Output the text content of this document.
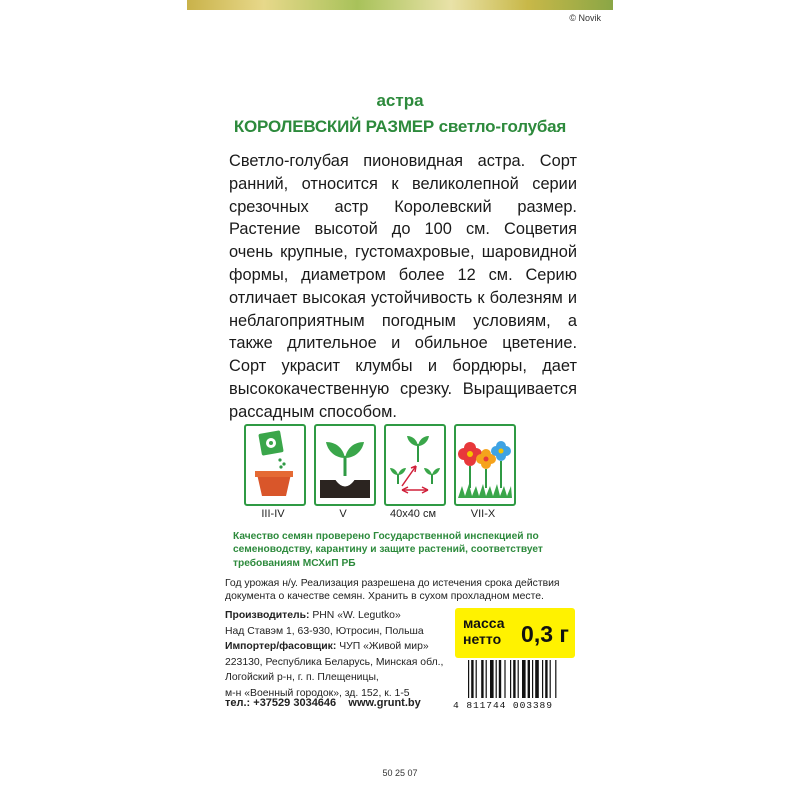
© Novik
астра
КОРОЛЕВСКИЙ РАЗМЕР светло-голубая
Светло-голубая пионовидная астра. Сорт ранний, относится к великолепной серии срезочных астр Королевский размер. Растение высотой до 100 см. Соцветия очень крупные, густомахровые, шаровидной формы, диаметром более 12 см. Серию отличает высокая устойчивость к болезням и неблагоприятным погодным условиям, а также длительное и обильное цветение. Сорт украсит клумбы и бордюры, дает высококачественную срезку. Выращивается рассадным способом.
III-IV	V	40x40 см	VII-X
Качество семян проверено Государственной инспекцией по семеноводству, карантину и защите растений, соответствует требованиям МСХиП РБ
Год урожая н/у. Реализация разрешена до истечения срока действия документа о качестве семян. Хранить в сухом прохладном месте.
Производитель: PHN «W. Legutko»
Над Ставэм 1, 63-930, Ютросин, Польша
Импортер/фасовщик: ЧУП «Живой мир»
223130, Республика Беларусь, Минская обл.,
Логойский р-н, г. п. Плещеницы,
м-н «Военный городок», зд. 152, к. 1-5
тел.: +37529 3034646 www.grunt.by
масса
нетто 0,3 г
4 811744 003389
50 25 07
